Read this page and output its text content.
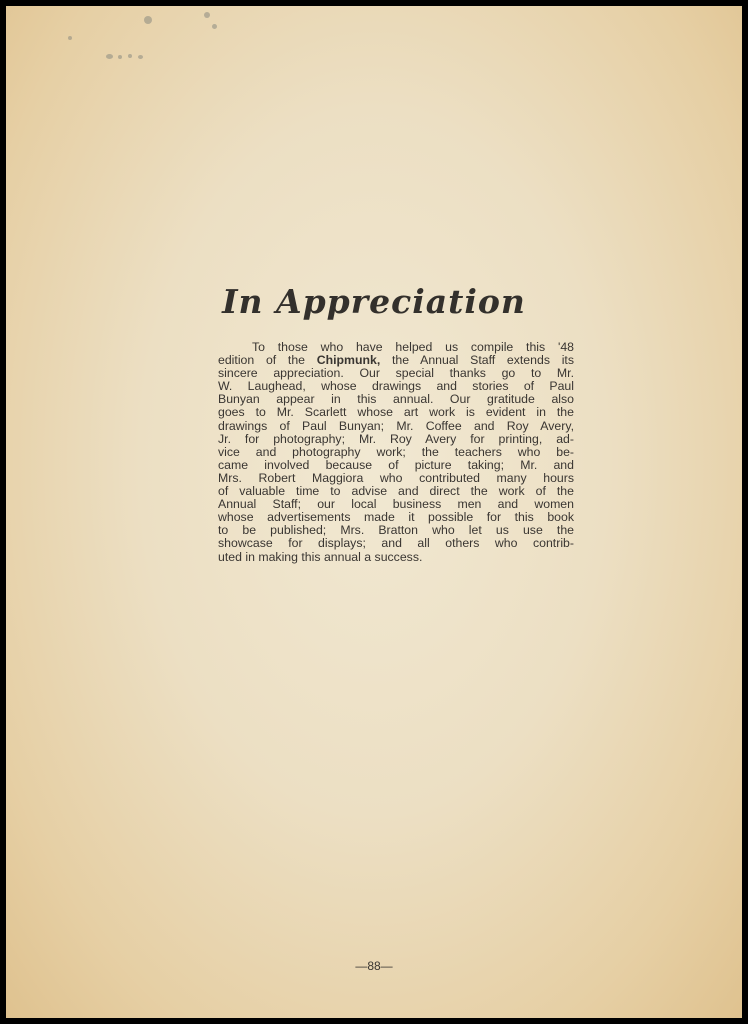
In Appreciation
To those who have helped us compile this '48
edition of the Chipmunk, the Annual Staff extends its
sincere appreciation. Our special thanks go to Mr.
W. Laughead, whose drawings and stories of Paul
Bunyan appear in this annual. Our gratitude also
goes to Mr. Scarlett whose art work is evident in the
drawings of Paul Bunyan; Mr. Coffee and Roy Avery,
Jr. for photography; Mr. Roy Avery for printing, ad-
vice and photography work; the teachers who be-
came involved because of picture taking; Mr. and
Mrs. Robert Maggiora who contributed many hours
of valuable time to advise and direct the work of the
Annual Staff; our local business men and women
whose advertisements made it possible for this book
to be published; Mrs. Bratton who let us use the
showcase for displays; and all others who contrib-
uted in making this annual a success.
—88—
